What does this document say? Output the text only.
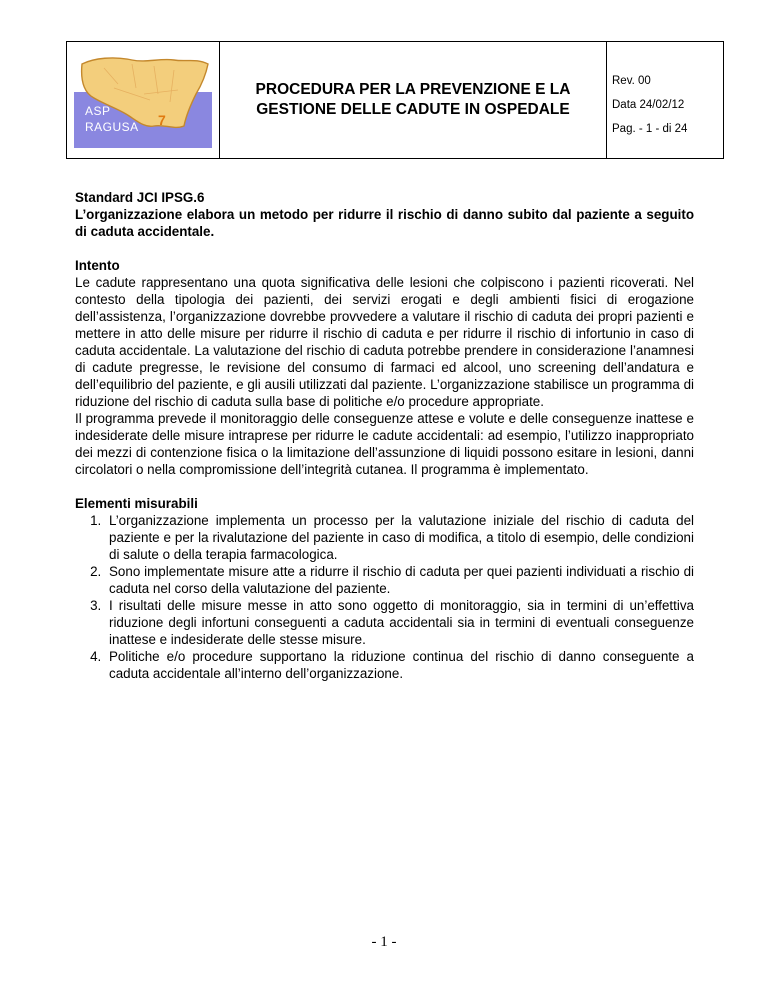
ASP
RAGUSA 7
PROCEDURA PER LA PREVENZIONE E LA GESTIONE DELLE CADUTE IN OSPEDALE
Rev. 00
Data 24/02/12
Pag. - 1 - di 24

Standard JCI IPSG.6

L’organizzazione elabora un metodo per ridurre il rischio di danno subito dal paziente a seguito di caduta accidentale.

Intento

Le cadute rappresentano una quota significativa delle lesioni che colpiscono i pazienti ricoverati. Nel contesto della tipologia dei pazienti, dei servizi erogati e degli ambienti fisici di erogazione dell’assistenza, l’organizzazione dovrebbe provvedere a valutare il rischio di caduta dei propri pazienti e mettere in atto delle misure per ridurre il rischio di caduta e per ridurre il rischio di infortunio in caso di caduta accidentale. La valutazione del rischio di caduta potrebbe prendere in considerazione l’anamnesi di cadute pregresse, le revisione del consumo di farmaci ed alcool, uno screening dell’andatura e dell’equilibrio del paziente, e gli ausili utilizzati dal paziente. L’organizzazione stabilisce un programma di riduzione del rischio di caduta sulla base di politiche e/o procedure appropriate.

Il programma prevede il monitoraggio delle conseguenze attese e volute e delle conseguenze inattese e indesiderate delle misure intraprese per ridurre le cadute accidentali: ad esempio, l’utilizzo inappropriato dei mezzi di contenzione fisica o la limitazione dell’assunzione di liquidi possono esitare in lesioni, danni circolatori o nella compromissione dell’integrità cutanea. Il programma è implementato.

Elementi misurabili

1. L’organizzazione implementa un processo per la valutazione iniziale del rischio di caduta del paziente e per la rivalutazione del paziente in caso di modifica, a titolo di esempio, delle condizioni di salute o della terapia farmacologica.
2. Sono implementate misure atte a ridurre il rischio di caduta per quei pazienti individuati a rischio di caduta nel corso della valutazione del paziente.
3. I risultati delle misure messe in atto sono oggetto di monitoraggio, sia in termini di un’effettiva riduzione degli infortuni conseguenti a caduta accidentali sia in termini di eventuali conseguenze inattese e indesiderate delle stesse misure.
4. Politiche e/o procedure supportano la riduzione continua del rischio di danno conseguente a caduta accidentale all’interno dell’organizzazione.
- 1 -
